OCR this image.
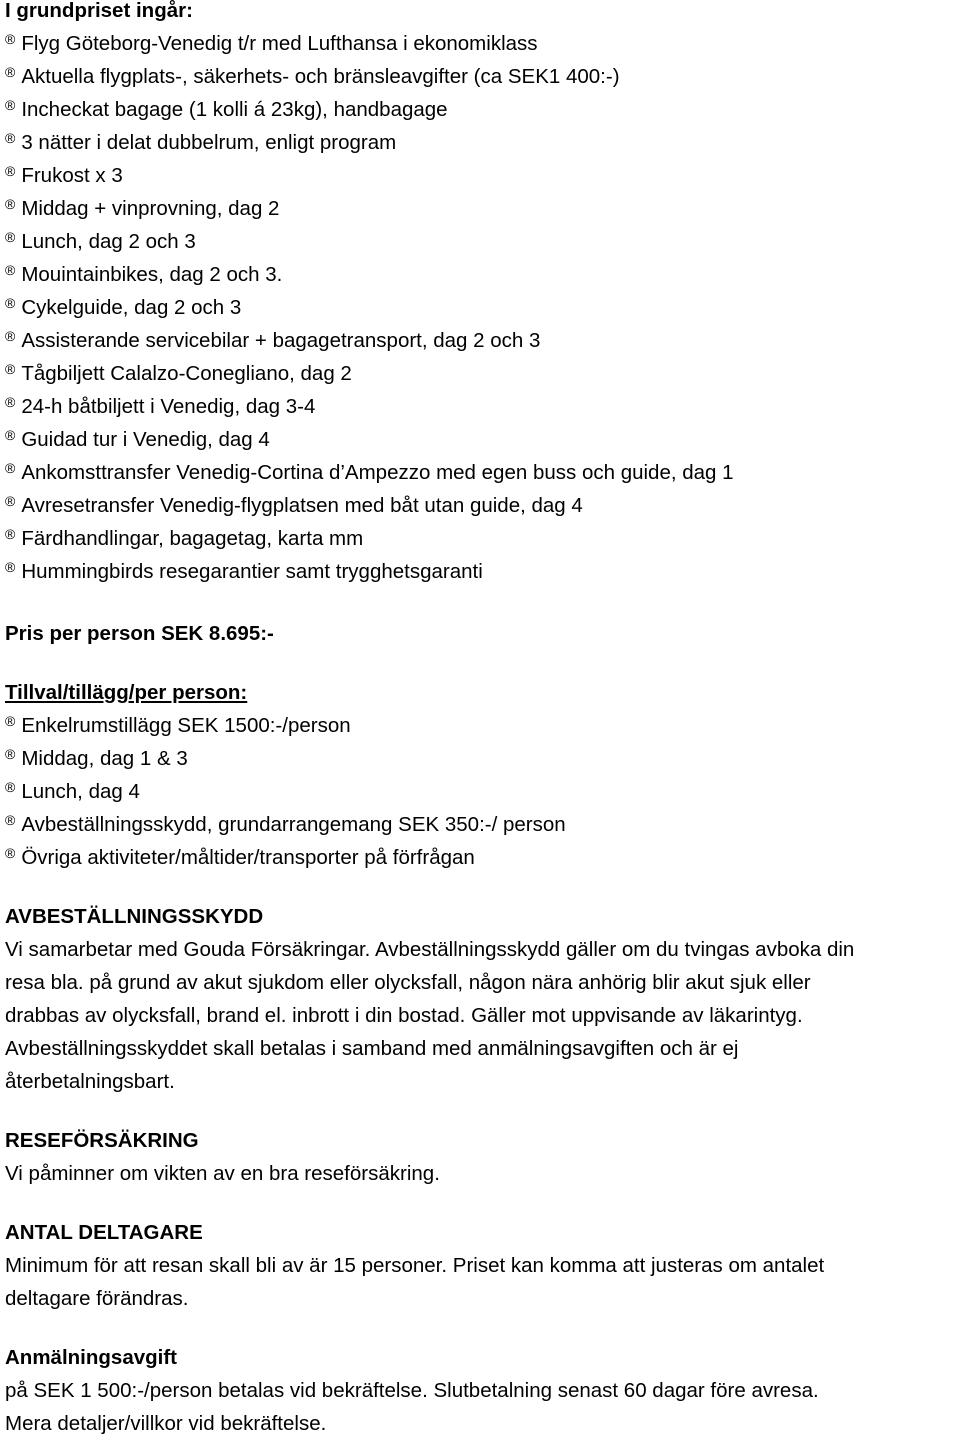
I grundpriset ingår:
® Flyg Göteborg-Venedig t/r med Lufthansa i ekonomiklass
® Aktuella flygplats-, säkerhets- och bränsleavgifter (ca SEK1 400:-)
® Incheckat bagage (1 kolli á 23kg), handbagage
® 3 nätter i delat dubbelrum, enligt program
® Frukost x 3
® Middag + vinprovning, dag 2
® Lunch, dag 2 och 3
® Mouintainbikes, dag 2 och 3.
® Cykelguide, dag 2 och 3
® Assisterande servicebilar + bagagetransport, dag 2 och 3
® Tågbiljett Calalzo-Conegliano, dag 2
® 24-h båtbiljett i Venedig, dag 3-4
® Guidad tur i Venedig, dag 4
® Ankomsttransfer Venedig-Cortina d’Ampezzo med egen buss och guide, dag 1
® Avresetransfer Venedig-flygplatsen med båt utan guide, dag 4
® Färdhandlingar, bagagetag, karta mm
® Hummingbirds resegarantier samt trygghetsgaranti
Pris per person SEK 8.695:-
Tillval/tillägg/per person:
® Enkelrumstillägg SEK 1500:-/person
® Middag, dag 1 & 3
® Lunch, dag 4
® Avbeställningsskydd, grundarrangemang SEK 350:-/ person
® Övriga aktiviteter/måltider/transporter på förfrågan
AVBESTÄLLNINGSSKYDD
Vi samarbetar med Gouda Försäkringar. Avbeställningsskydd gäller om du tvingas avboka din
resa bla. på grund av akut sjukdom eller olycksfall, någon nära anhörig blir akut sjuk eller
drabbas av olycksfall, brand el. inbrott i din bostad. Gäller mot uppvisande av läkarintyg.
Avbeställningsskyddet skall betalas i samband med anmälningsavgiften och är ej
återbetalningsbart.
RESEFÖRSÄKRING
Vi påminner om vikten av en bra reseförsäkring.
ANTAL DELTAGARE
Minimum för att resan skall bli av är 15 personer. Priset kan komma att justeras om antalet
deltagare förändras.
Anmälningsavgift
på SEK 1 500:-/person betalas vid bekräftelse. Slutbetalning senast 60 dagar före avresa.
Mera detaljer/villkor vid bekräftelse.
